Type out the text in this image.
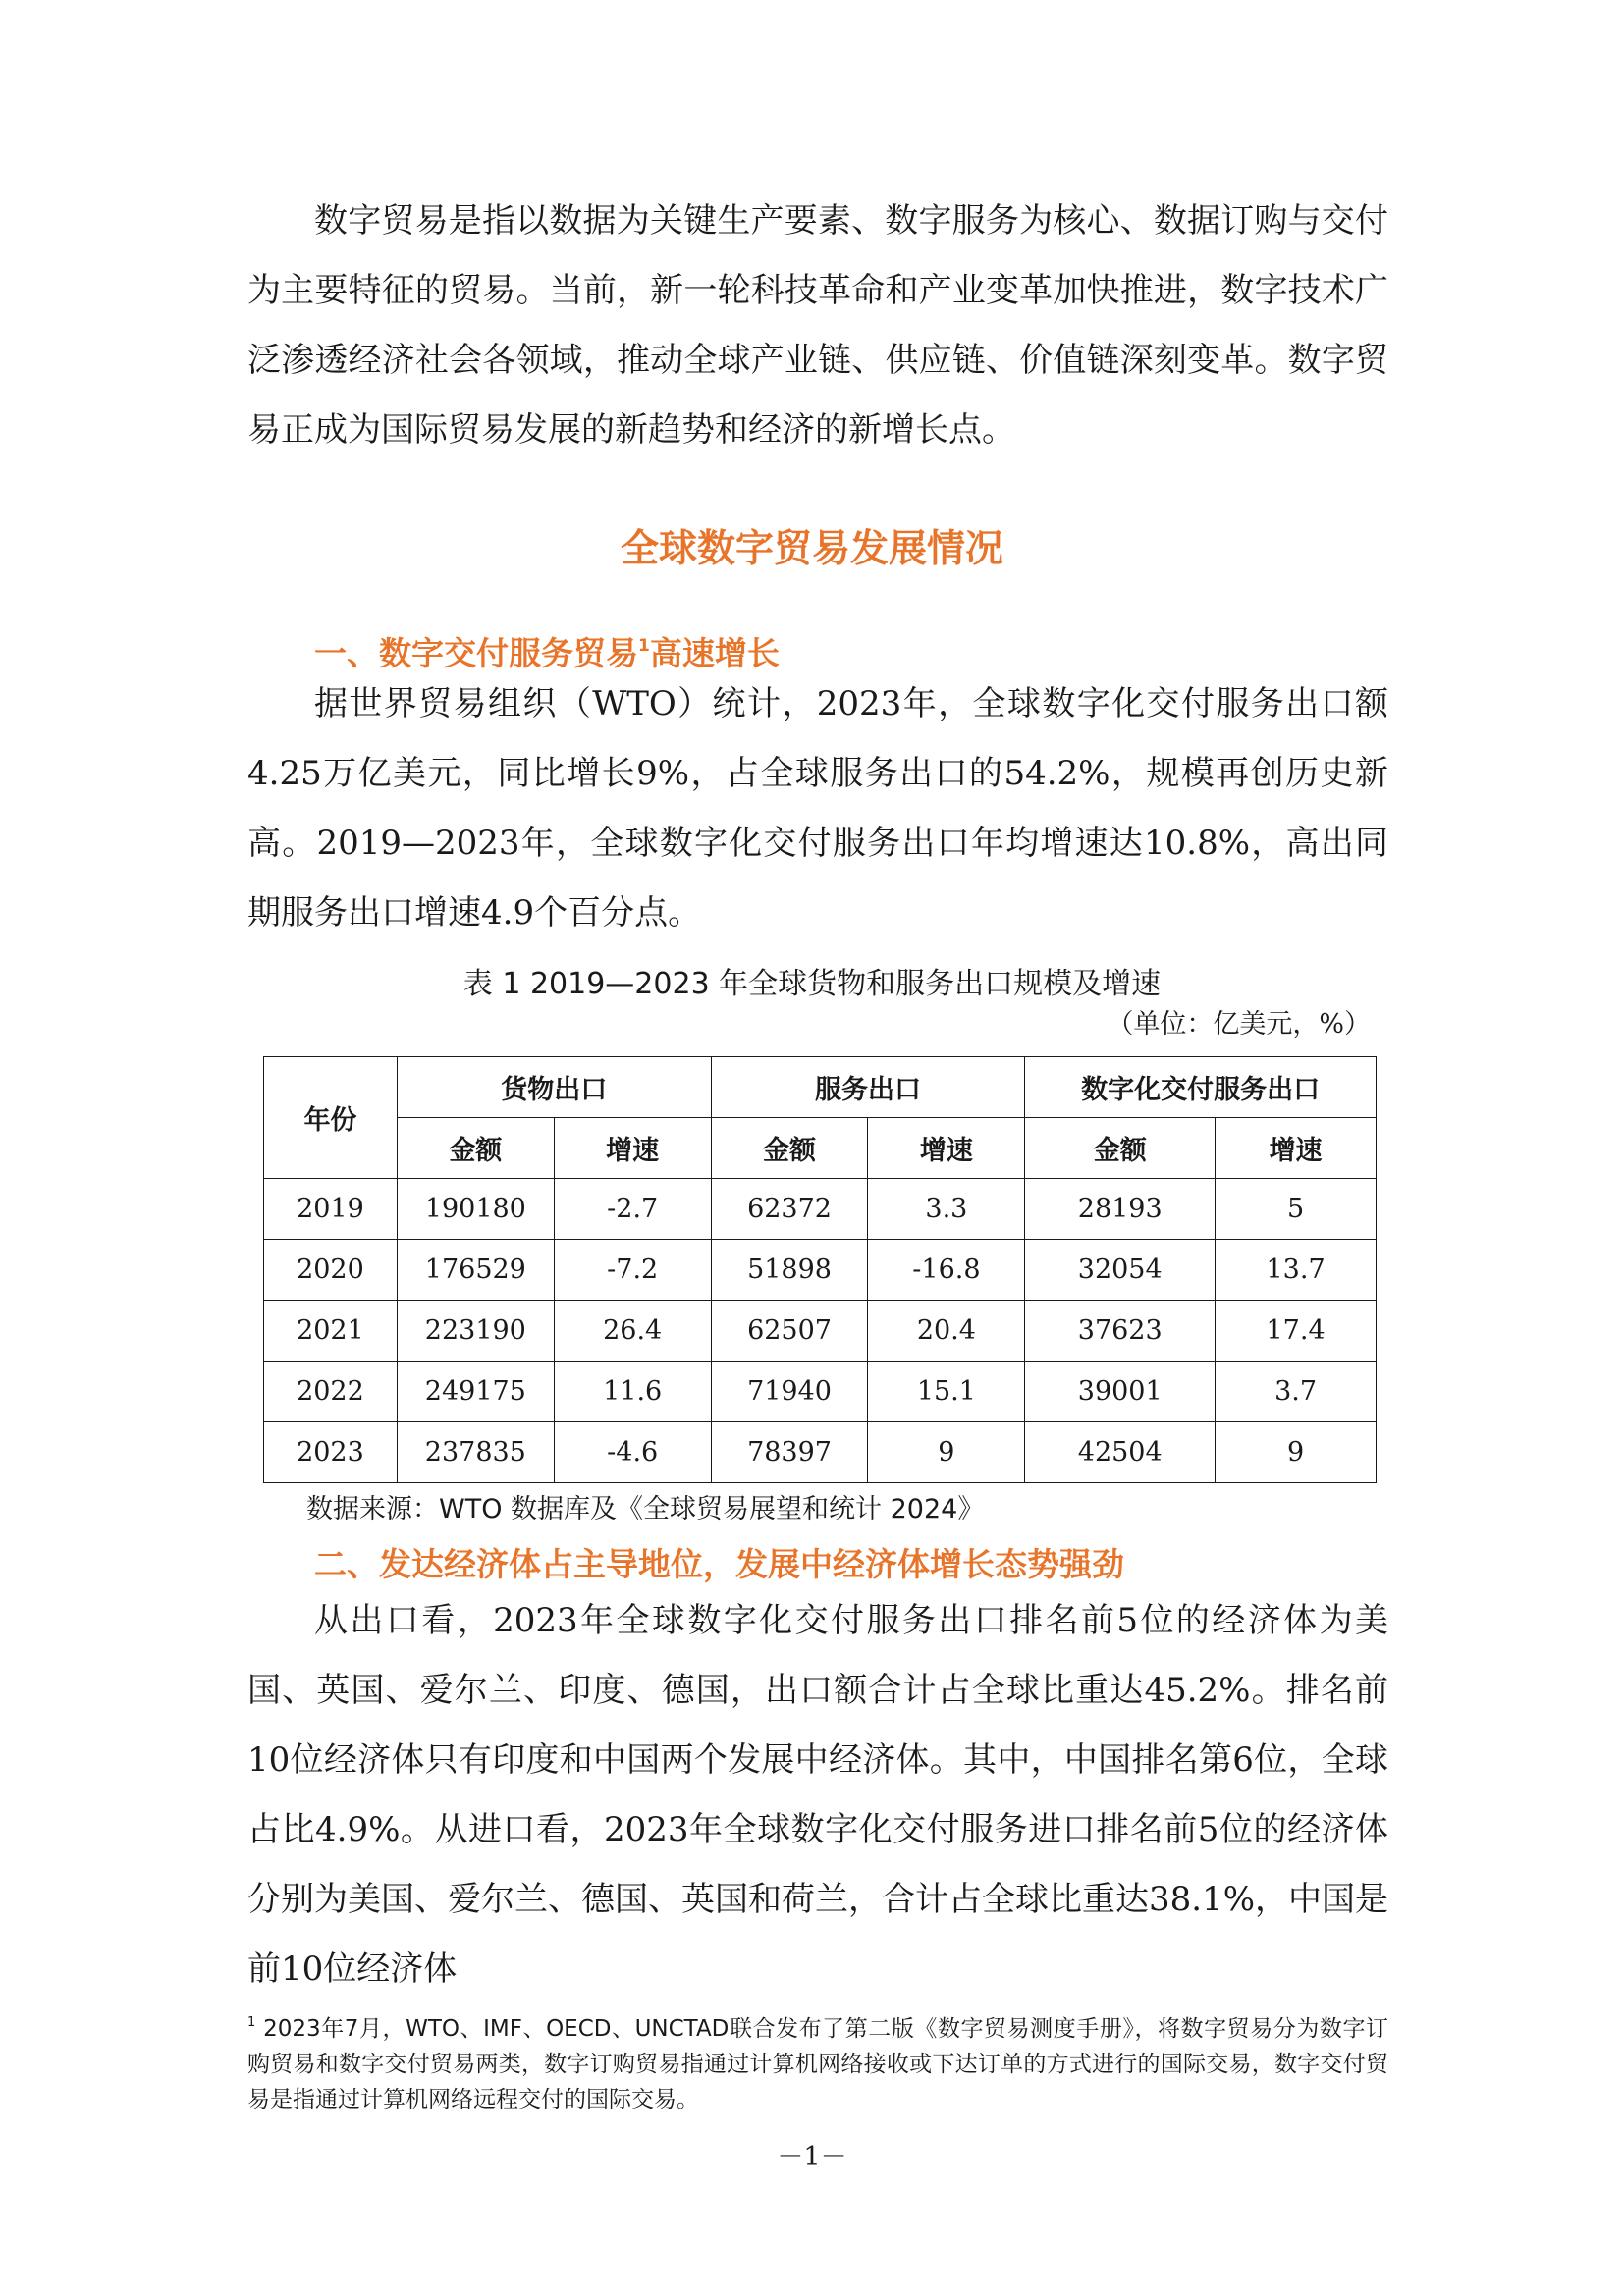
数字贸易是指以数据为关键生产要素、数字服务为核心、数据订购与交付为主要特征的贸易。当前，新一轮科技革命和产业变革加快推进，数字技术广泛渗透经济社会各领域，推动全球产业链、供应链、价值链深刻变革。数字贸易正成为国际贸易发展的新趋势和经济的新增长点。

全球数字贸易发展情况
一、数字交付服务贸易$^1$高速增长

据世界贸易组织（WTO）统计，2023年，全球数字化交付服务出口额4.25万亿美元，同比增长9%，占全球服务出口的54.2%，规模再创历史新高。2019—2023年，全球数字化交付服务出口年均增速达10.8%，高出同期服务出口增速4.9个百分点。

表 1 2019—2023 年全球货物和服务出口规模及增速
（单位：亿美元，%）
年份	货物出口		服务出口		数字化交付服务出口	
	金额	增速	金额	增速	金额	增速
2019	190180	-2.7	62372	3.3	28193	5
2020	176529	-7.2	51898	-16.8	32054	13.7
2021	223190	26.4	62507	20.4	37623	17.4
2022	249175	11.6	71940	15.1	39001	3.7
2023	237835	-4.6	78397	9	42504	9
数据来源：WTO 数据库及《全球贸易展望和统计 2024》
二、发达经济体占主导地位，发展中经济体增长态势强劲

从出口看，2023年全球数字化交付服务出口排名前5位的经济体为美国、英国、爱尔兰、印度、德国，出口额合计占全球比重达45.2%。排名前10位经济体只有印度和中国两个发展中经济体。其中，中国排名第6位，全球占比4.9%。从进口看，2023年全球数字化交付服务进口排名前5位的经济体分别为美国、爱尔兰、德国、英国和荷兰，合计占全球比重达38.1%，中国是前10位经济体

$^1$ 2023年7月，WTO、IMF、OECD、UNCTAD联合发布了第二版《数字贸易测度手册》，将数字贸易分为数字订购贸易和数字交付贸易两类，数字订购贸易指通过计算机网络接收或下达订单的方式进行的国际交易，数字交付贸易是指通过计算机网络远程交付的国际交易。

－1－
